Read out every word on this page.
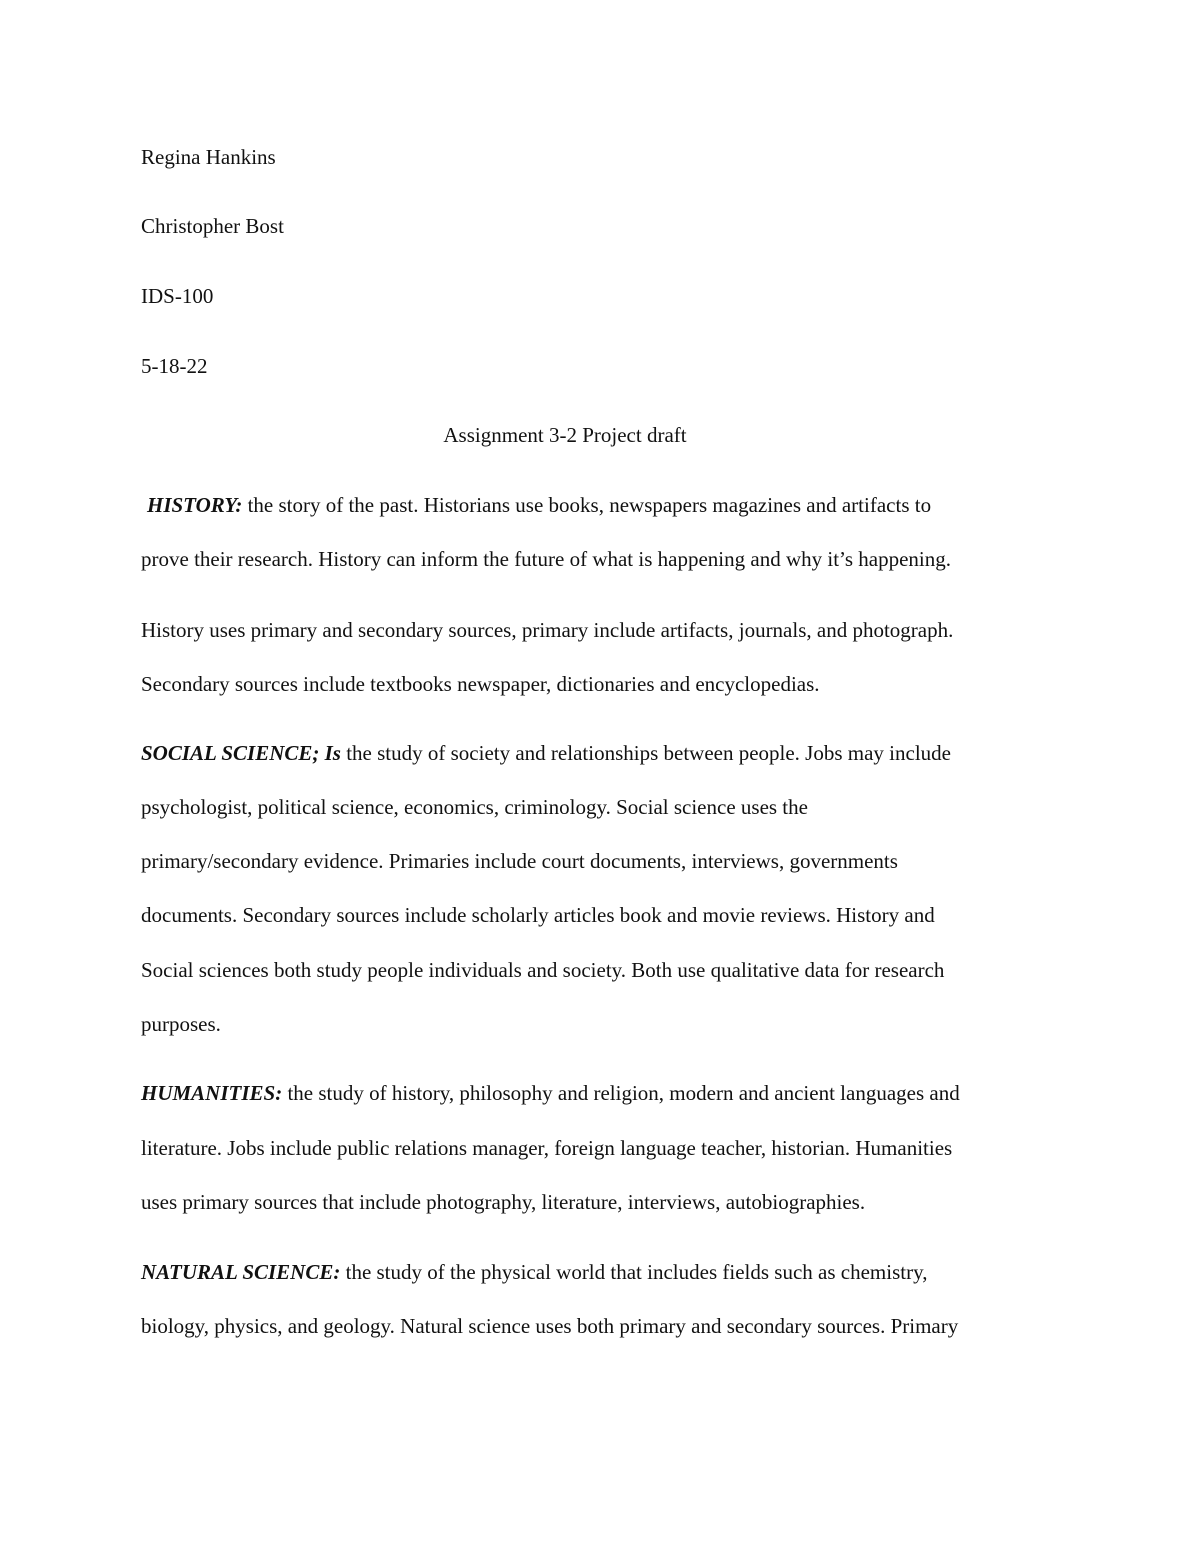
Regina Hankins
Christopher Bost
IDS-100
5-18-22
Assignment 3-2 Project draft
HISTORY: the story of the past. Historians use books, newspapers magazines and artifacts to
prove their research. History can inform the future of what is happening and why it’s happening.
History uses primary and secondary sources, primary include artifacts, journals, and photograph.
Secondary sources include textbooks newspaper, dictionaries and encyclopedias.
SOCIAL SCIENCE; Is the study of society and relationships between people. Jobs may include
psychologist, political science, economics, criminology. Social science uses the
primary/secondary evidence. Primaries include court documents, interviews, governments
documents. Secondary sources include scholarly articles book and movie reviews. History and
Social sciences both study people individuals and society. Both use qualitative data for research
purposes.
HUMANITIES: the study of history, philosophy and religion, modern and ancient languages and
literature. Jobs include public relations manager, foreign language teacher, historian. Humanities
uses primary sources that include photography, literature, interviews, autobiographies.
NATURAL SCIENCE: the study of the physical world that includes fields such as chemistry,
biology, physics, and geology. Natural science uses both primary and secondary sources. Primary
